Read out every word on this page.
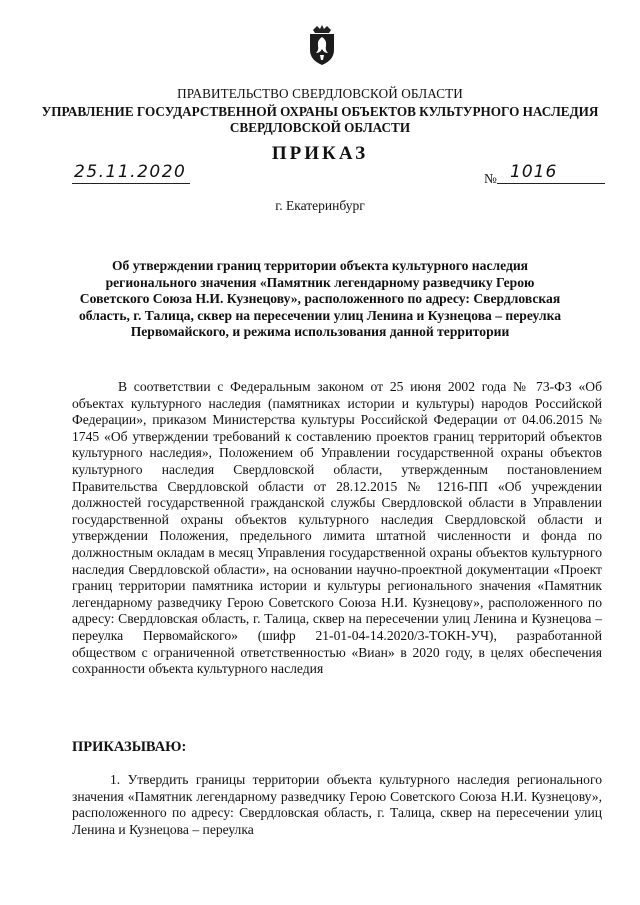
ПРАВИТЕЛЬСТВО СВЕРДЛОВСКОЙ ОБЛАСТИ
УПРАВЛЕНИЕ ГОСУДАРСТВЕННОЙ ОХРАНЫ ОБЪЕКТОВ КУЛЬТУРНОГО НАСЛЕДИЯ
СВЕРДЛОВСКОЙ ОБЛАСТИ
ПРИКАЗ
25.11.2020	№ 1016
г. Екатеринбург
Об утверждении границ территории объекта культурного наследия регионального значения «Памятник легендарному разведчику Герою Советского Союза Н.И. Кузнецову», расположенного по адресу: Свердловская область, г. Талица, сквер на пересечении улиц Ленина и Кузнецова – переулка Первомайского, и режима использования данной территории
В соответствии с Федеральным законом от 25 июня 2002 года № 73-ФЗ «Об объектах культурного наследия (памятниках истории и культуры) народов Российской Федерации», приказом Министерства культуры Российской Федерации от 04.06.2015 № 1745 «Об утверждении требований к составлению проектов границ территорий объектов культурного наследия», Положением об Управлении государственной охраны объектов культурного наследия Свердловской области, утвержденным постановлением Правительства Свердловской области от 28.12.2015 № 1216-ПП «Об учреждении должностей государственной гражданской службы Свердловской области в Управлении государственной охраны объектов культурного наследия Свердловской области и утверждении Положения, предельного лимита штатной численности и фонда по должностным окладам в месяц Управления государственной охраны объектов культурного наследия Свердловской области», на основании научно-проектной документации «Проект границ территории памятника истории и культуры регионального значения «Памятник легендарному разведчику Герою Советского Союза Н.И. Кузнецову», расположенного по адресу: Свердловская область, г. Талица, сквер на пересечении улиц Ленина и Кузнецова – переулка Первомайского» (шифр 21-01-04-14.2020/3-ТОКН-УЧ), разработанной обществом с ограниченной ответственностью «Виан» в 2020 году, в целях обеспечения сохранности объекта культурного наследия
ПРИКАЗЫВАЮ:
1. Утвердить границы территории объекта культурного наследия регионального значения «Памятник легендарному разведчику Герою Советского Союза Н.И. Кузнецову», расположенного по адресу: Свердловская область, г. Талица, сквер на пересечении улиц Ленина и Кузнецова – переулка
